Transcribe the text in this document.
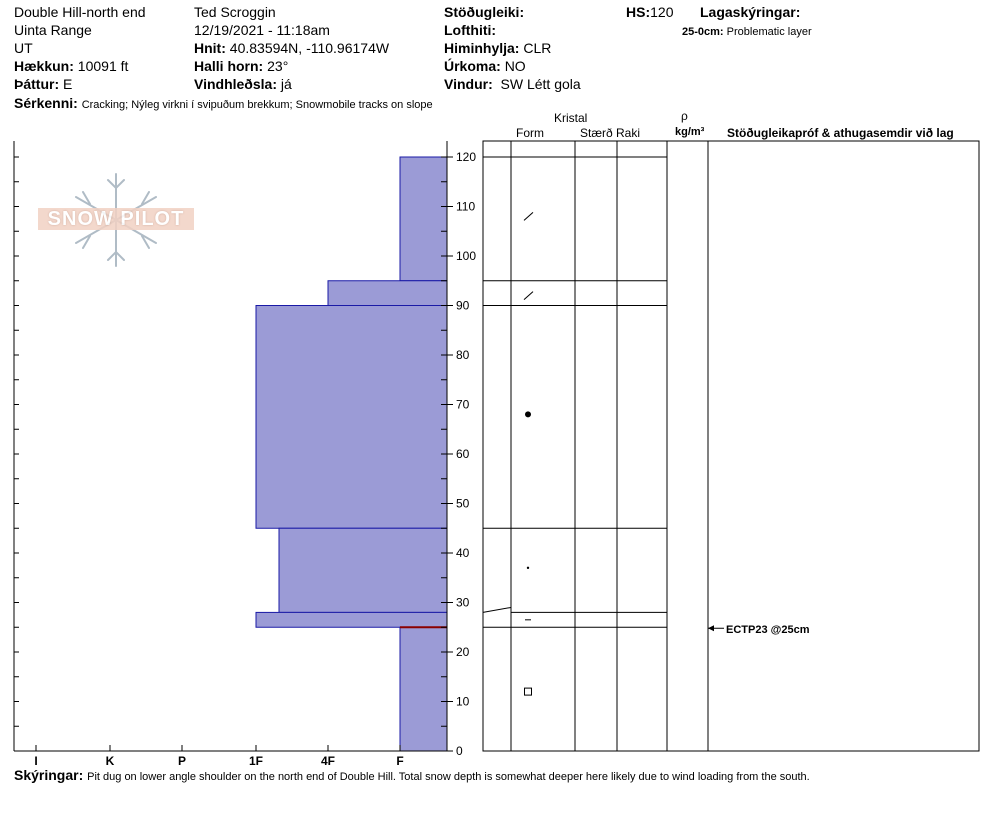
Double Hill-north end
Uinta Range
UT
Hækkun: 10091 ft
Þáttur: E
Ted Scroggin
12/19/2021 - 11:18am
Hnit: 40.83594N, -110.96174W
Halli horn: 23°
Vindhleðsla: já
Stöðugleiki:
Lofthiti:
Himinhylja: CLR
Úrkoma: NO
Vindur: SW Létt gola
HS:120 Lagaskýringar:
25-0cm: Problematic layer
Sérkenni: Cracking; Nýleg virkni í svipuðum brekkum; Snowmobile tracks on slope
Kristal
Form	Stærð Raki
ρ
kg/m³ Stöðugleikapróf & athugasemdir við lag
SNOW PILOT
0
10
20
30
40
50
60
70
80
90
100
110
120
I	K	P	1F	4F	F
ECTP23 @25cm
Skýringar: Pit dug on lower angle shoulder on the north end of Double Hill. Total snow depth is somewhat deeper here likely due to wind loading from the south.
